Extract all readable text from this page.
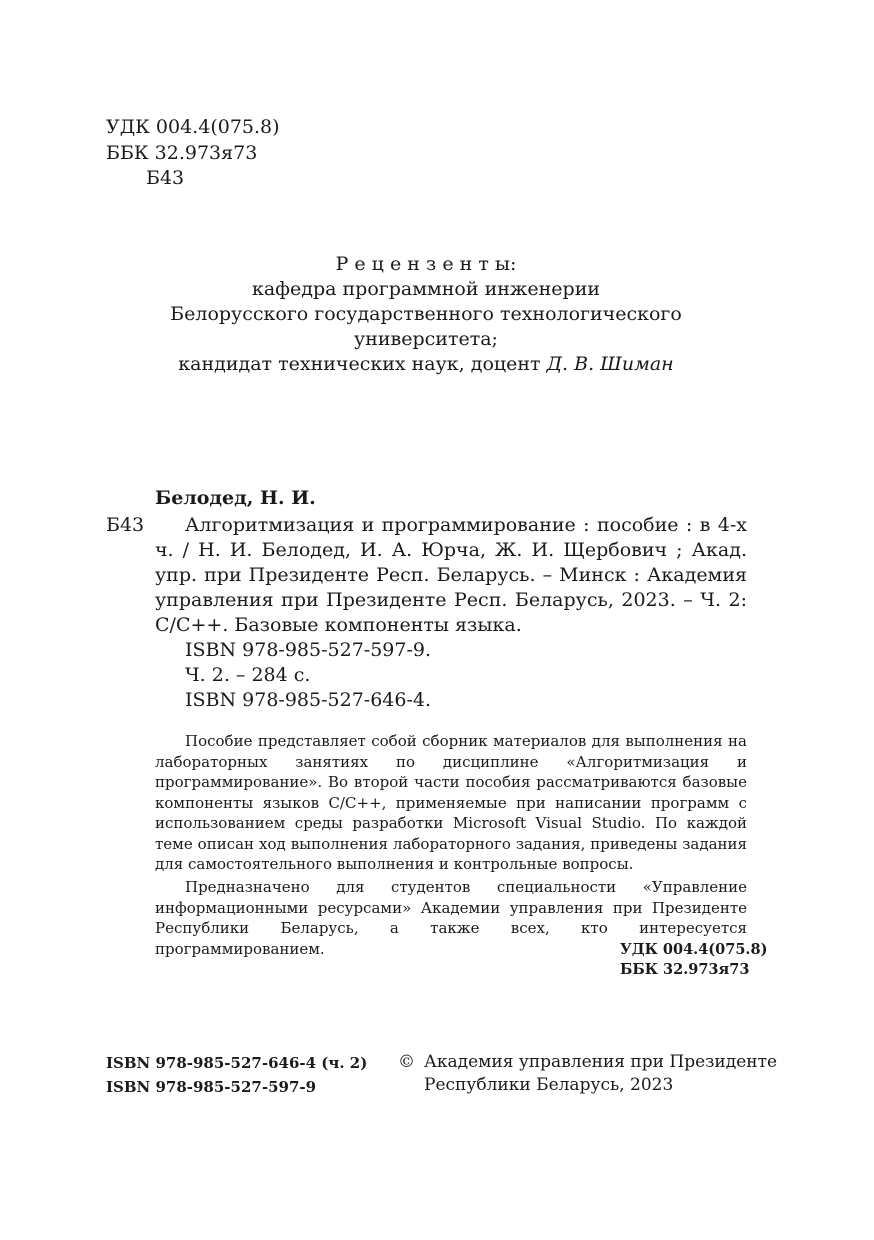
УДК 004.4(075.8)
ББК 32.973я73
Б43
Р е ц е н з е н т ы:
кафедра программной инженерии
Белорусского государственного технологического университета;
кандидат технических наук, доцент Д. В. Шиман
Белодед, Н. И.
Б43	Алгоритмизация и программирование : пособие : в 4-х ч. / Н. И. Белодед, И. А. Юрча, Ж. И. Щербович ; Акад. упр. при Президенте Респ. Беларусь. – Минск : Академия управления при Президенте Респ. Беларусь, 2023. – Ч. 2: C/C++. Базовые компоненты языка.
ISBN 978-985-527-597-9.
Ч. 2. – 284 с.
ISBN 978-985-527-646-4.

Пособие представляет собой сборник материалов для выполнения на лабораторных занятиях по дисциплине «Алгоритмизация и программирование». Во второй части пособия рассматриваются базовые компоненты языков C/C++, применяемые при написании программ с использованием среды разработки Microsoft Visual Studio. По каждой теме описан ход выполнения лабораторного задания, приведены задания для самостоятельного выполнения и контрольные вопросы.

Предназначено для студентов специальности «Управление информационными ресурсами» Академии управления при Президенте Республики Беларусь, а также всех, кто интересуется программированием.	УДК 004.4(075.8)
ББК 32.973я73
ISBN 978-985-527-646-4 (ч. 2)
ISBN 978-985-527-597-9
© Академия управления при Президенте
Республики Беларусь, 2023
